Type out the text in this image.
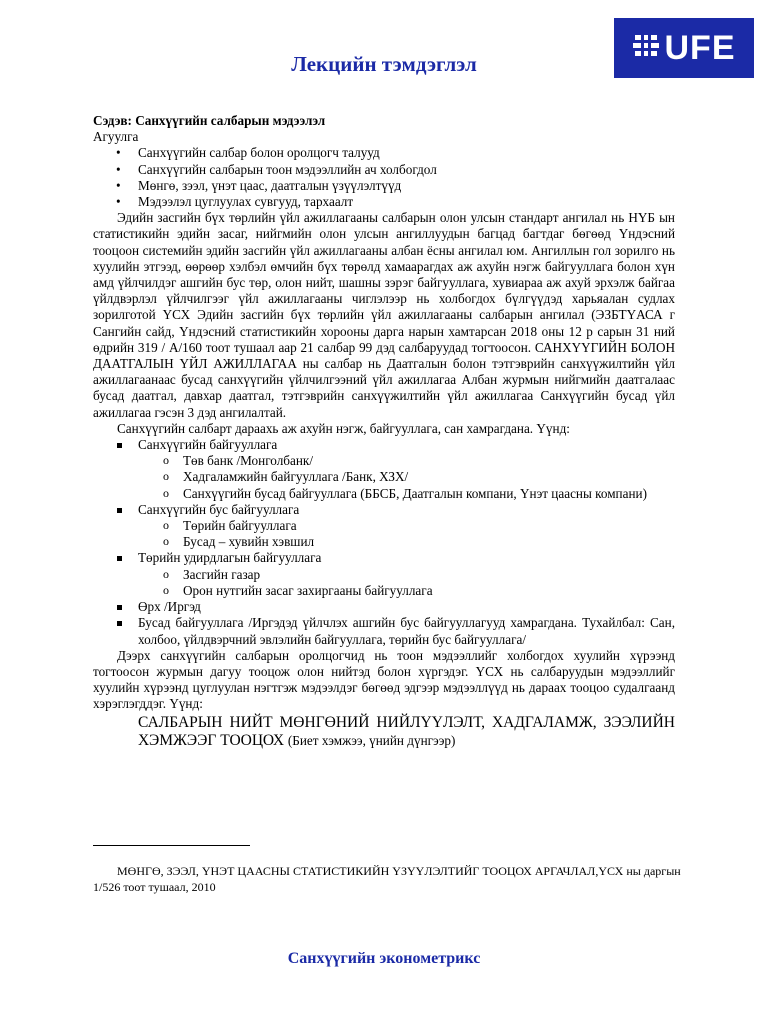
UFE
Лекцийн тэмдэглэл
Сэдэв: Санхүүгийн салбарын мэдээлэл
Агуулга
• Санхүүгийн салбар болон оролцогч талууд
• Санхүүгийн салбарын тоон мэдээллийн ач холбогдол
• Мөнгө, зээл, үнэт цаас, даатгалын үзүүлэлтүүд
• Мэдээлэл цуглуулах сувгууд, тархаалт

Эдийн засгийн бүх төрлийн үйл ажиллагааны салбарын олон улсын стандарт ангилал нь НҮБ ын статистикийн эдийн засаг, нийгмийн олон улсын ангиллуудын багцад багтдаг бөгөөд Үндэсний тооцоон системийн эдийн засгийн үйл ажиллагааны албан ёсны ангилал юм. Ангиллын гол зорилго нь хуулийн этгээд, өөрөөр хэлбэл өмчийн бүх төрөлд хамаарагдах аж ахуйн нэгж байгууллага болон хүн амд үйлчилдэг ашгийн бус төр, олон нийт, шашны зэрэг байгууллага, хувиараа аж ахуй эрхэлж байгаа үйлдвэрлэл үйлчилгээг үйл ажиллагааны чиглэлээр нь холбогдох бүлгүүдэд харьяалан судлах зорилготой ҮСХ Эдийн засгийн бүх төрлийн үйл ажиллагааны салбарын ангилал (ЭЗБТҮАСА г Сангийн сайд, Үндэсний статистикийн хорооны дарга нарын хамтарсан 2018 оны 12 р сарын 31 ний өдрийн 319 / А/160 тоот тушаал аар 21 салбар 99 дэд салбаруудад тогтоосон. САНХҮҮГИЙН БОЛОН ДААТГАЛЫН ҮЙЛ АЖИЛЛАГАА ны салбар нь Даатгалын болон тэтгэврийн санхүүжилтийн үйл ажиллагаанаас бусад санхүүгийн үйлчилгээний үйл ажиллагаа Албан журмын нийгмийн даатгалаас бусад даатгал, давхар даатгал, тэтгэврийн санхүүжилтийн үйл ажиллагаа Санхүүгийн бусад үйл ажиллагаа гэсэн 3 дэд ангилалтай.

Санхүүгийн салбарт дараахь аж ахуйн нэгж, байгууллага, сан хамрагдана. Үүнд:

Санхүүгийн байгууллага
o Төв банк /Монголбанк/
o Хадгаламжийн байгууллага /Банк, ХЗХ/
o Санхүүгийн бусад байгууллага (ББСБ, Даатгалын компани, Үнэт цаасны компани)
Санхүүгийн бус байгууллага
o Төрийн байгууллага
o Бусад – хувийн хэвшил
Төрийн удирдлагын байгууллага
o Засгийн газар
o Орон нутгийн засаг захиргааны байгууллага
Өрх /Иргэд
Бусад байгууллага /Иргэдэд үйлчлэх ашгийн бус байгууллагууд хамрагдана. Тухайлбал: Сан, холбоо, үйлдвэрчний эвлэлийн байгууллага, төрийн бус байгууллага/

Дээрх санхүүгийн салбарын оролцогчид нь тоон мэдээллийг холбогдох хуулийн хүрээнд тогтоосон журмын дагуу тооцож олон нийтэд болон хүргэдэг. ҮСХ нь салбаруудын мэдээллийг хуулийн хүрээнд цуглуулан нэгтгэж мэдээлдэг бөгөөд эдгээр мэдээллүүд нь дараах тооцоо судалгаанд хэрэглэгддэг. Үүнд:

САЛБАРЫН НИЙТ МӨНГӨНИЙ НИЙЛҮҮЛЭЛТ, ХАДГАЛАМЖ, ЗЭЭЛИЙН ХЭМЖЭЭГ ТООЦОХ (Биет хэмжээ, үнийн дүнгээр)
МӨНГӨ, ЗЭЭЛ, ҮНЭТ ЦААСНЫ СТАТИСТИКИЙН ҮЗҮҮЛЭЛТИЙГ ТООЦОХ АРГАЧЛАЛ,ҮСХ ны даргын 1/526 тоот тушаал, 2010
Санхүүгийн эконометрикс
